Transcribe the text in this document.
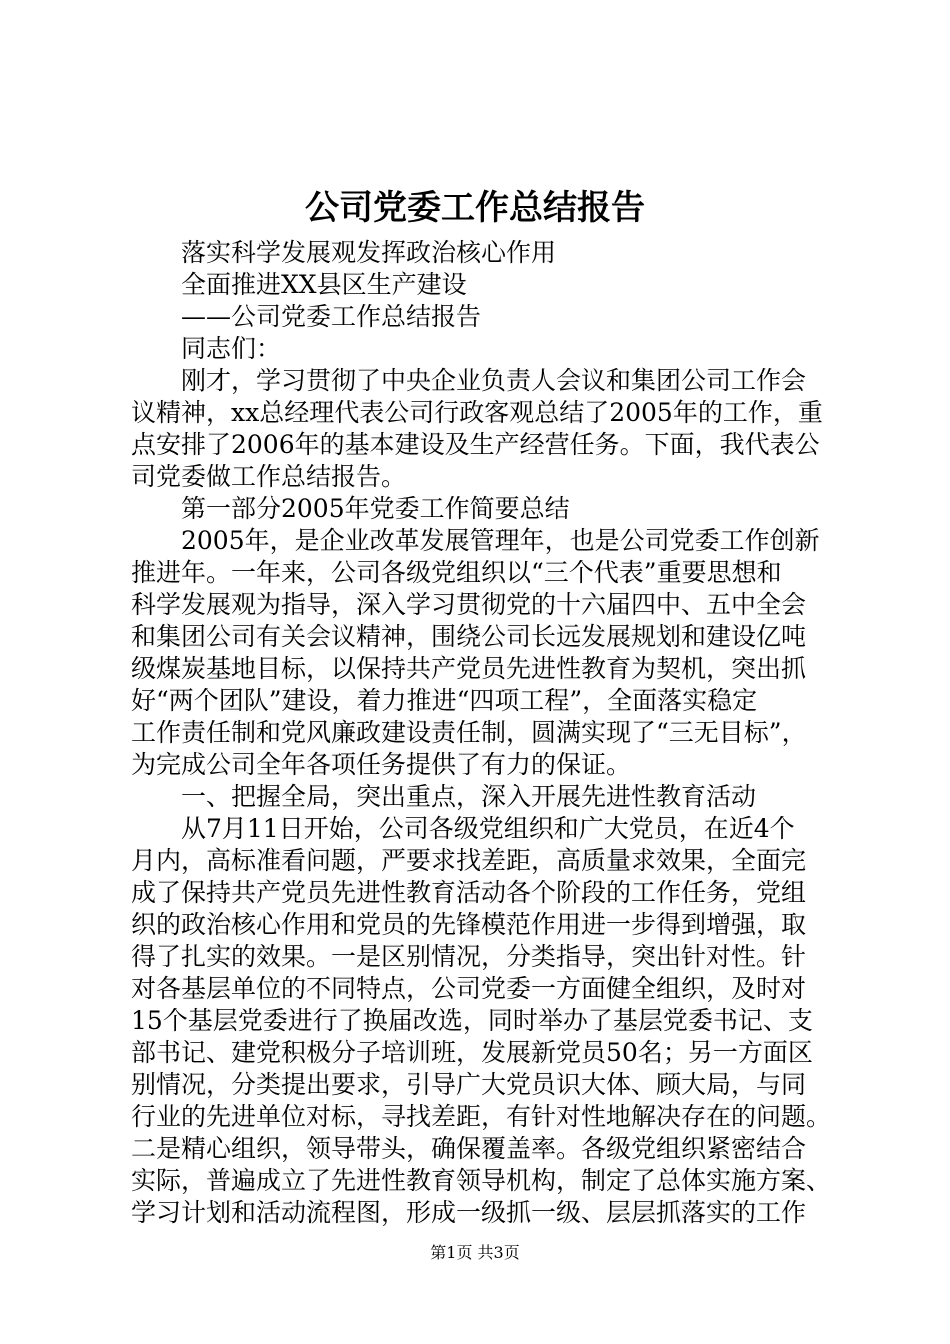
公司党委工作总结报告
落实科学发展观发挥政治核心作用
全面推进XX县区生产建设
——公司党委工作总结报告
同志们：
刚才，学习贯彻了中央企业负责人会议和集团公司工作会
议精神，xx总经理代表公司行政客观总结了2005年的工作，重
点安排了2006年的基本建设及生产经营任务。下面，我代表公
司党委做工作总结报告。
第一部分2005年党委工作简要总结
2005年，是企业改革发展管理年，也是公司党委工作创新
推进年。一年来，公司各级党组织以“三个代表”重要思想和
科学发展观为指导，深入学习贯彻党的十六届四中、五中全会
和集团公司有关会议精神，围绕公司长远发展规划和建设亿吨
级煤炭基地目标，以保持共产党员先进性教育为契机，突出抓
好“两个团队”建设，着力推进“四项工程”，全面落实稳定
工作责任制和党风廉政建设责任制，圆满实现了“三无目标”，
为完成公司全年各项任务提供了有力的保证。
一、把握全局，突出重点，深入开展先进性教育活动
从7月11日开始，公司各级党组织和广大党员，在近4个
月内，高标准看问题，严要求找差距，高质量求效果，全面完
成了保持共产党员先进性教育活动各个阶段的工作任务，党组
织的政治核心作用和党员的先锋模范作用进一步得到增强，取
得了扎实的效果。一是区别情况，分类指导，突出针对性。针
对各基层单位的不同特点，公司党委一方面健全组织，及时对
15个基层党委进行了换届改选，同时举办了基层党委书记、支
部书记、建党积极分子培训班，发展新党员50名；另一方面区
别情况，分类提出要求，引导广大党员识大体、顾大局，与同
行业的先进单位对标，寻找差距，有针对性地解决存在的问题。
二是精心组织，领导带头，确保覆盖率。各级党组织紧密结合
实际，普遍成立了先进性教育领导机构，制定了总体实施方案、
学习计划和活动流程图，形成一级抓一级、层层抓落实的工作
第1页 共3页
